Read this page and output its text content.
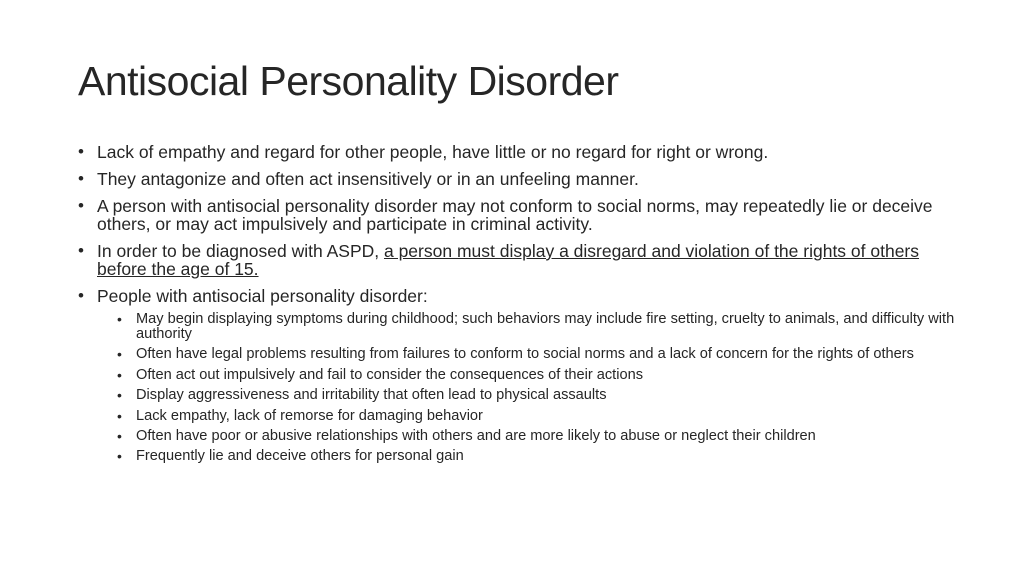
Antisocial Personality Disorder
• Lack of empathy and regard for other people, have little or no regard for right or wrong.
• They antagonize and often act insensitively or in an unfeeling manner.
• A person with antisocial personality disorder may not conform to social norms, may repeatedly lie or deceive others, or may act impulsively and participate in criminal activity.
• In order to be diagnosed with ASPD, a person must display a disregard and violation of the rights of others before the age of 15.
• People with antisocial personality disorder:
• May begin displaying symptoms during childhood; such behaviors may include fire setting, cruelty to animals, and difficulty with authority
• Often have legal problems resulting from failures to conform to social norms and a lack of concern for the rights of others
• Often act out impulsively and fail to consider the consequences of their actions
• Display aggressiveness and irritability that often lead to physical assaults
• Lack empathy, lack of remorse for damaging behavior
• Often have poor or abusive relationships with others and are more likely to abuse or neglect their children
• Frequently lie and deceive others for personal gain
